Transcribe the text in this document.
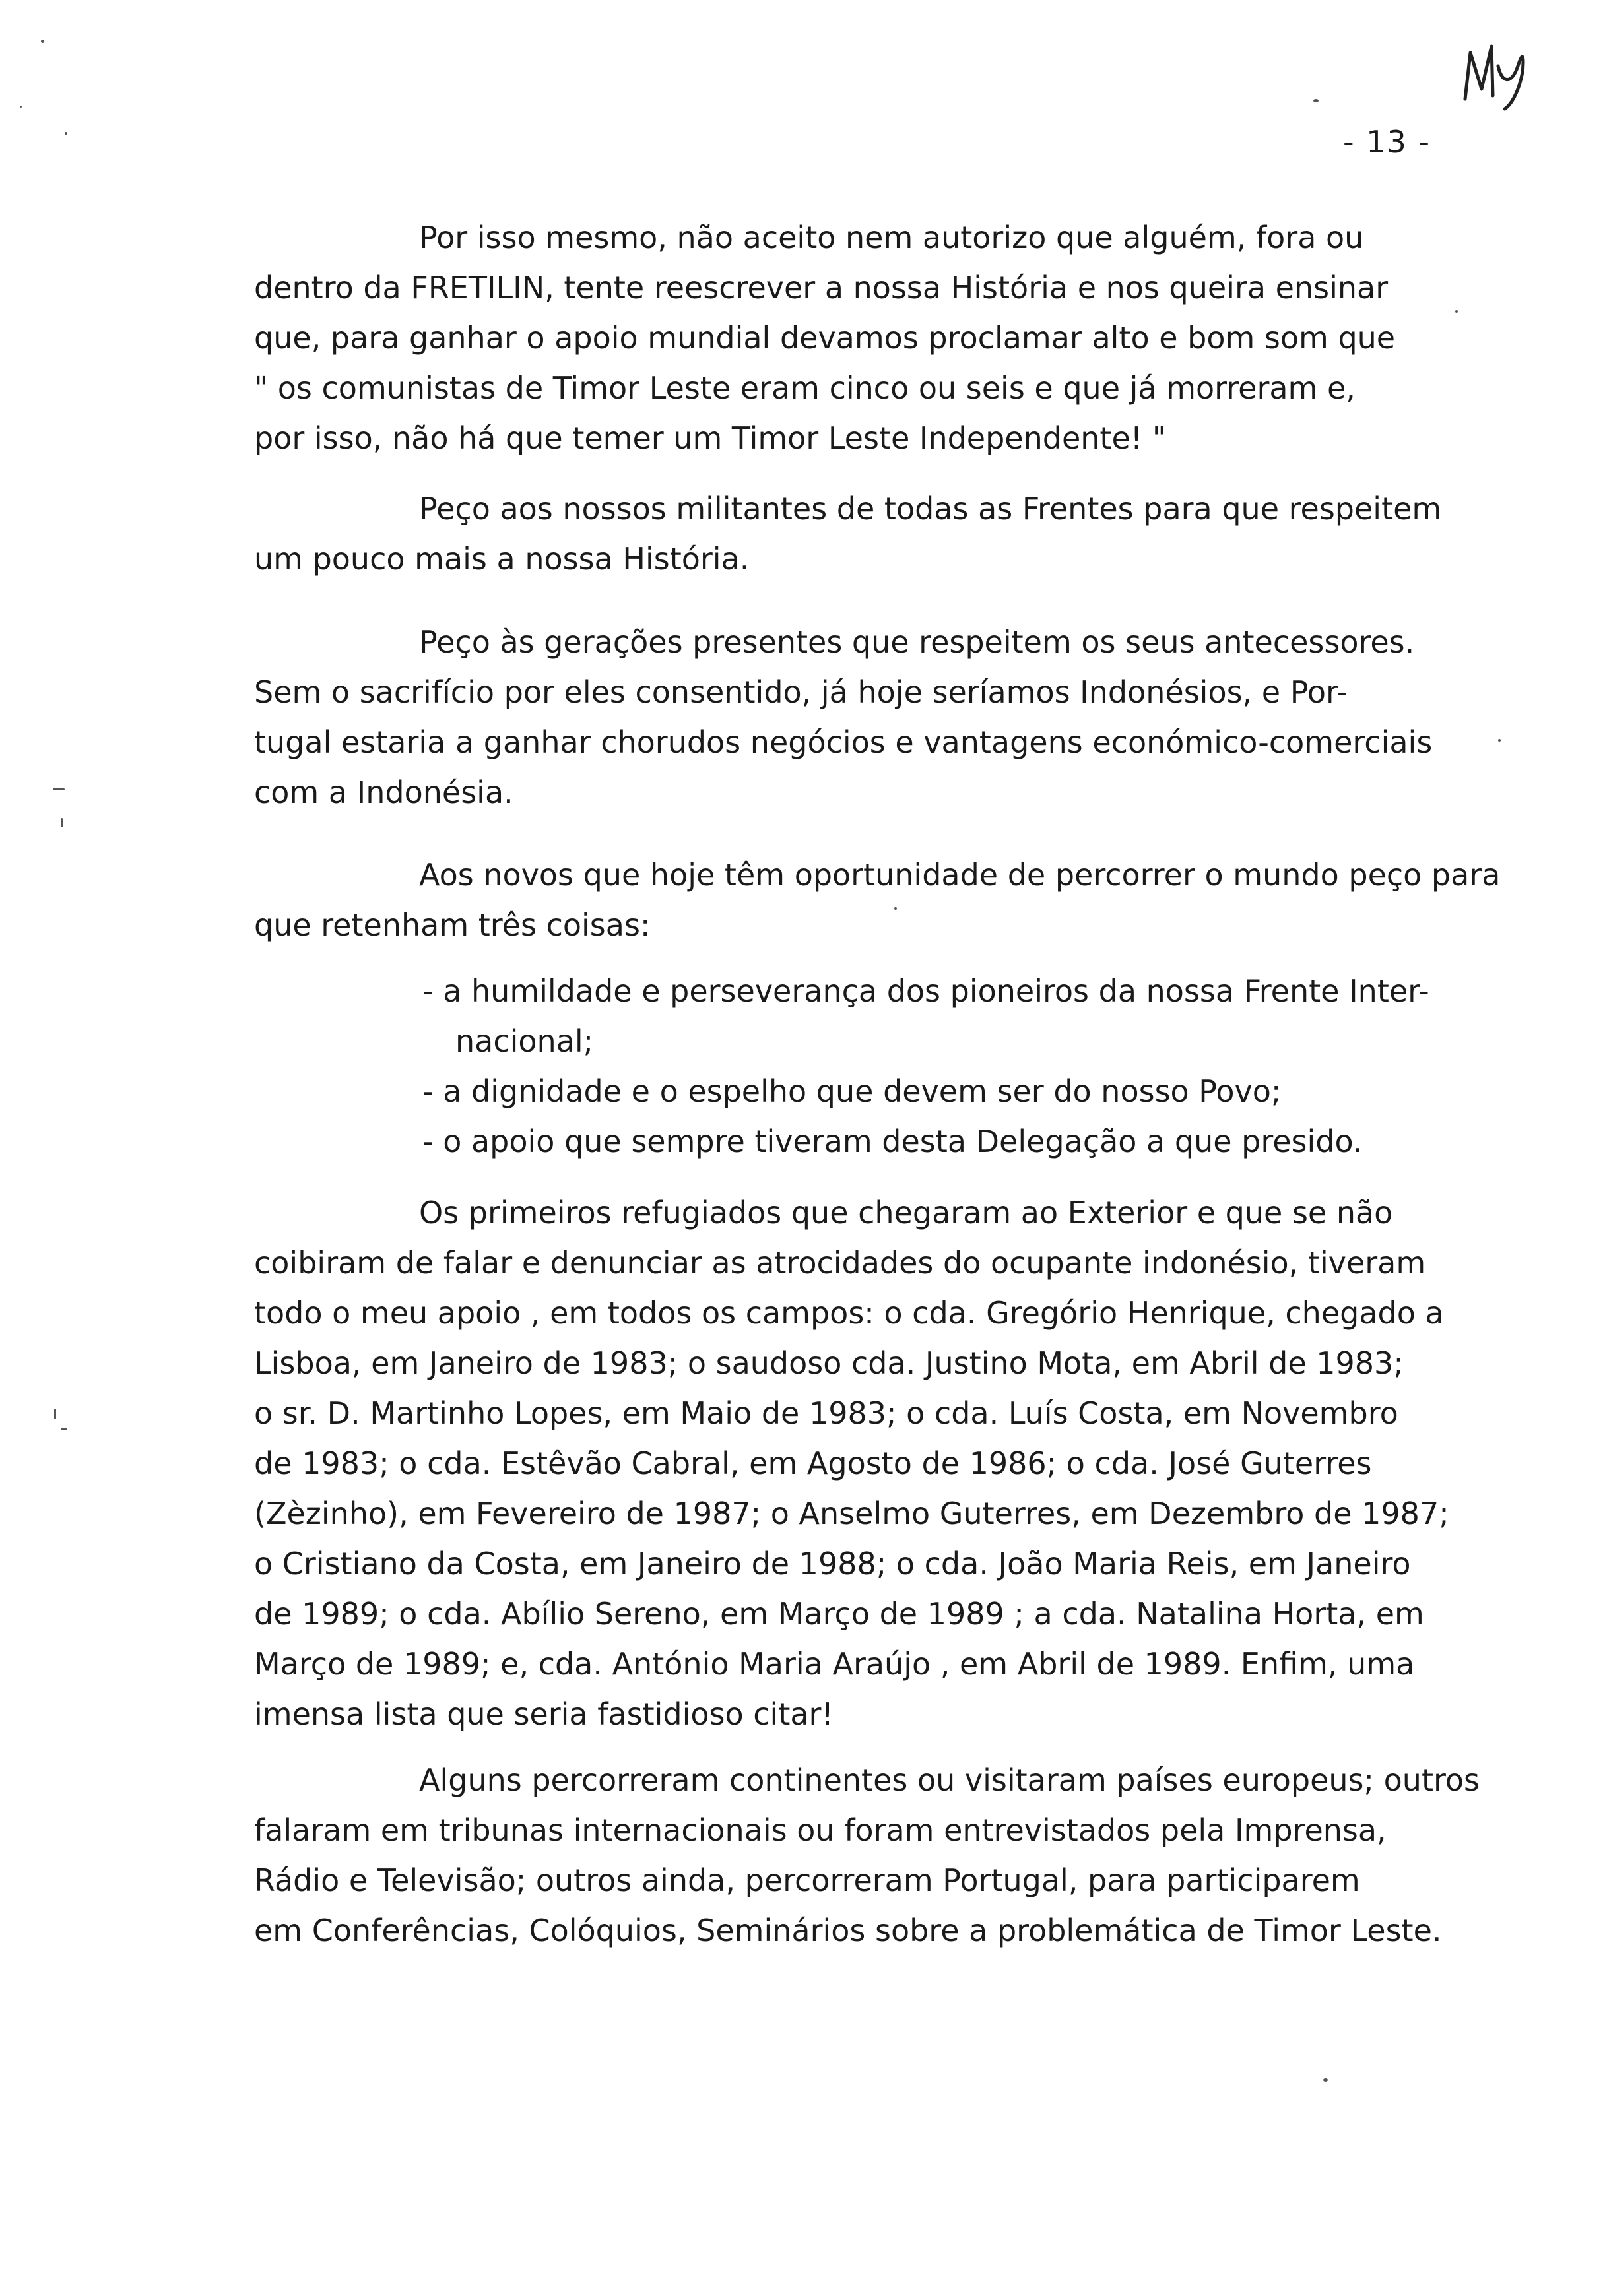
- 13 -

Por isso mesmo, não aceito nem autorizo que alguém, fora ou
dentro da FRETILIN, tente reescrever a nossa História e nos queira ensinar
que, para ganhar o apoio mundial devamos proclamar alto e bom som que
" os comunistas de Timor Leste eram cinco ou seis e que já morreram e,
por isso, não há que temer um Timor Leste Independente! "

Peço aos nossos militantes de todas as Frentes para que respeitem
um pouco mais a nossa História.

Peço às gerações presentes que respeitem os seus antecessores.
Sem o sacrifício por eles consentido, já hoje seríamos Indonésios, e Por-
tugal estaria a ganhar chorudos negócios e vantagens económico-comerciais
com a Indonésia.

Aos novos que hoje têm oportunidade de percorrer o mundo peço para
que retenham três coisas:

- a humildade e perseverança dos pioneiros da nossa Frente Inter-
nacional;
- a dignidade e o espelho que devem ser do nosso Povo;
- o apoio que sempre tiveram desta Delegação a que presido.

Os primeiros refugiados que chegaram ao Exterior e que se não
coibiram de falar e denunciar as atrocidades do ocupante indonésio, tiveram
todo o meu apoio , em todos os campos: o cda. Gregório Henrique, chegado a
Lisboa, em Janeiro de 1983; o saudoso cda. Justino Mota, em Abril de 1983;
o sr. D. Martinho Lopes, em Maio de 1983; o cda. Luís Costa, em Novembro
de 1983; o cda. Estêvão Cabral, em Agosto de 1986; o cda. José Guterres
(Zèzinho), em Fevereiro de 1987; o Anselmo Guterres, em Dezembro de 1987;
o Cristiano da Costa, em Janeiro de 1988; o cda. João Maria Reis, em Janeiro
de 1989; o cda. Abílio Sereno, em Março de 1989 ; a cda. Natalina Horta, em
Março de 1989; e, cda. António Maria Araújo , em Abril de 1989. Enfim, uma
imensa lista que seria fastidioso citar!

Alguns percorreram continentes ou visitaram países europeus; outros
falaram em tribunas internacionais ou foram entrevistados pela Imprensa,
Rádio e Televisão; outros ainda, percorreram Portugal, para participarem
em Conferências, Colóquios, Seminários sobre a problemática de Timor Leste.
